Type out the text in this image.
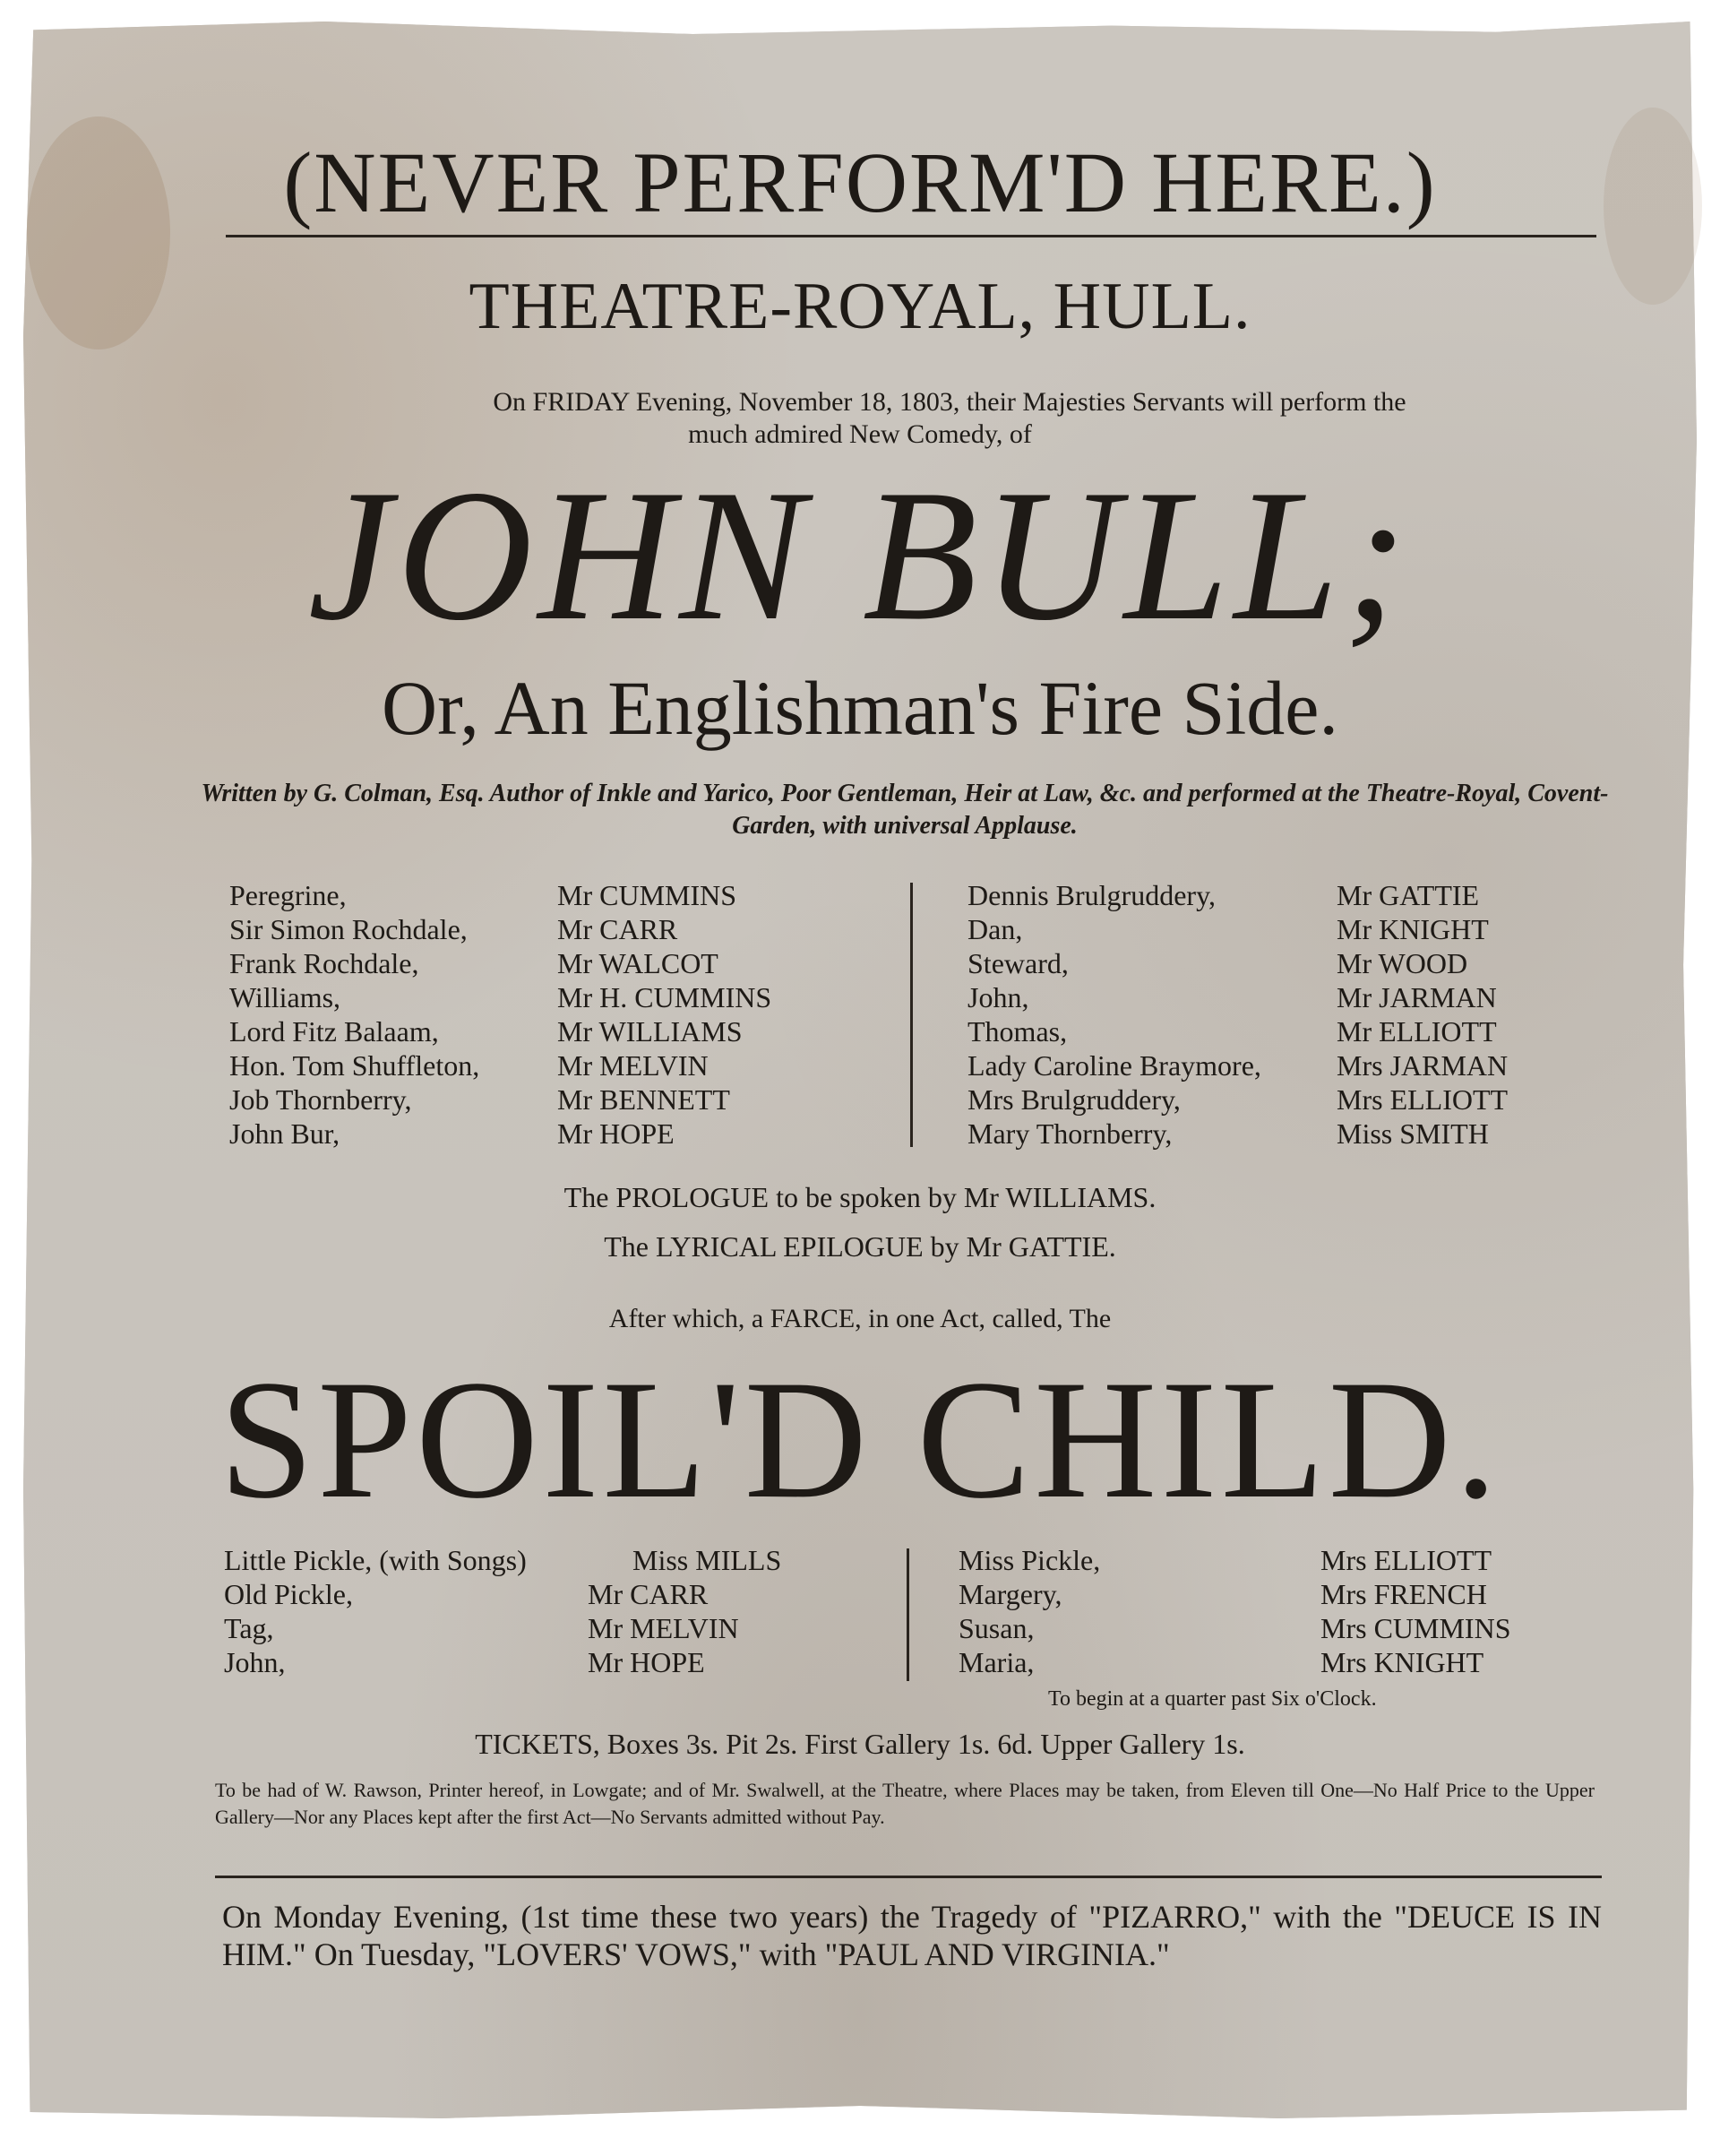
(NEVER PERFORM'D HERE.)
THEATRE-ROYAL, HULL.
On FRIDAY Evening, November 18, 1803, their Majesties Servants will perform the
much admired New Comedy, of
JOHN BULL;
Or, An Englishman's Fire Side.
Written by G. Colman, Esq. Author of Inkle and Yarico, Poor Gentleman, Heir at Law, &c. and performed at the Theatre-Royal, Covent-Garden, with universal Applause.
Peregrine,	Mr CUMMINS
Sir Simon Rochdale,	Mr CARR
Frank Rochdale,	Mr WALCOT
Williams,	Mr H. CUMMINS
Lord Fitz Balaam,	Mr WILLIAMS
Hon. Tom Shuffleton,	Mr MELVIN
Job Thornberry,	Mr BENNETT
John Bur,	Mr HOPE
Dennis Brulgruddery,	Mr GATTIE
Dan,	Mr KNIGHT
Steward,	Mr WOOD
John,	Mr JARMAN
Thomas,	Mr ELLIOTT
Lady Caroline Braymore,	Mrs JARMAN
Mrs Brulgruddery,	Mrs ELLIOTT
Mary Thornberry,	Miss SMITH
The PROLOGUE to be spoken by Mr WILLIAMS.
The LYRICAL EPILOGUE by Mr GATTIE.
After which, a FARCE, in one Act, called, The
SPOIL'D CHILD.
Little Pickle, (with Songs)	Miss MILLS
Old Pickle,	Mr CARR
Tag,	Mr MELVIN
John,	Mr HOPE
Miss Pickle,	Mrs ELLIOTT
Margery,	Mrs FRENCH
Susan,	Mrs CUMMINS
Maria,	Mrs KNIGHT
To begin at a quarter past Six o'Clock.
TICKETS, Boxes 3s. Pit 2s. First Gallery 1s. 6d. Upper Gallery 1s.
To be had of W. Rawson, Printer hereof, in Lowgate; and of Mr. Swalwell, at the Theatre, where Places may be taken, from Eleven till One—No Half Price to the Upper Gallery—Nor any Places kept after the first Act—No Servants admitted without Pay.
On Monday Evening, (1st time these two years) the Tragedy of "PIZARRO," with the "DEUCE IS IN HIM." On Tuesday, "LOVERS' VOWS," with "PAUL AND VIRGINIA."
